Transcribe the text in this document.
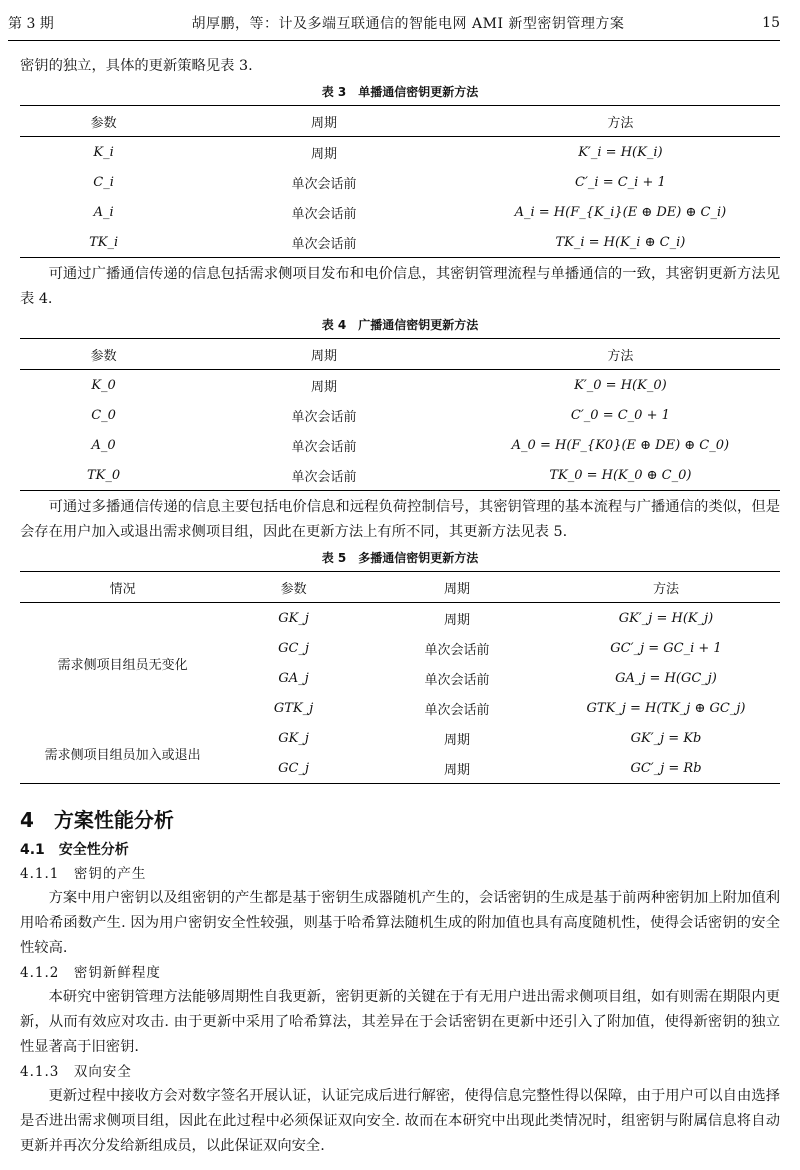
第 3 期	胡厚鹏，等：计及多端互联通信的智能电网 AMI 新型密钥管理方案	15

密钥的独立，具体的更新策略见表 3.

表 3　单播通信密钥更新方法
参数	周期	方法
K_i	周期	K′_i = H(K_i)
C_i	单次会话前	C′_i = C_i + 1
A_i	单次会话前	A_i = H(F_{K_i}(E ⊕ DE) ⊕ C_i)
TK_i	单次会话前	TK_i = H(K_i ⊕ C_i)

可通过广播通信传递的信息包括需求侧项目发布和电价信息，其密钥管理流程与单播通信的一致，其密钥更新方法见表 4.

表 4　广播通信密钥更新方法
参数	周期	方法
K_0	周期	K′_0 = H(K_0)
C_0	单次会话前	C′_0 = C_0 + 1
A_0	单次会话前	A_0 = H(F_{K0}(E ⊕ DE) ⊕ C_0)
TK_0	单次会话前	TK_0 = H(K_0 ⊕ C_0)

可通过多播通信传递的信息主要包括电价信息和远程负荷控制信号，其密钥管理的基本流程与广播通信的类似，但是会存在用户加入或退出需求侧项目组，因此在更新方法上有所不同，其更新方法见表 5.

表 5　多播通信密钥更新方法
情况	参数	周期	方法
需求侧项目组员无变化	GK_j	周期	GK′_j = H(K_j)
	GC_j	单次会话前	GC′_j = GC_i + 1
	GA_j	单次会话前	GA_j = H(GC_j)
	GTK_j	单次会话前	GTK_j = H(TK_j ⊕ GC_j)
需求侧项目组员加入或退出	GK_j	周期	GK′_j = Kb
	GC_j	周期	GC′_j = Rb
4　方案性能分析
4.1　安全性分析
4.1.1　密钥的产生

方案中用户密钥以及组密钥的产生都是基于密钥生成器随机产生的，会话密钥的生成是基于前两种密钥加上附加值利用哈希函数产生. 因为用户密钥安全性较强，则基于哈希算法随机生成的附加值也具有高度随机性，使得会话密钥的安全性较高.

4.1.2　密钥新鲜程度

本研究中密钥管理方法能够周期性自我更新，密钥更新的关键在于有无用户进出需求侧项目组，如有则需在期限内更新，从而有效应对攻击. 由于更新中采用了哈希算法，其差异在于会话密钥在更新中还引入了附加值，使得新密钥的独立性显著高于旧密钥.

4.1.3　双向安全

更新过程中接收方会对数字签名开展认证，认证完成后进行解密，使得信息完整性得以保障，由于用户可以自由选择是否进出需求侧项目组，因此在此过程中必须保证双向安全. 故而在本研究中出现此类情况时，组密钥与附属信息将自动更新并再次分发给新组成员，以此保证双向安全.
